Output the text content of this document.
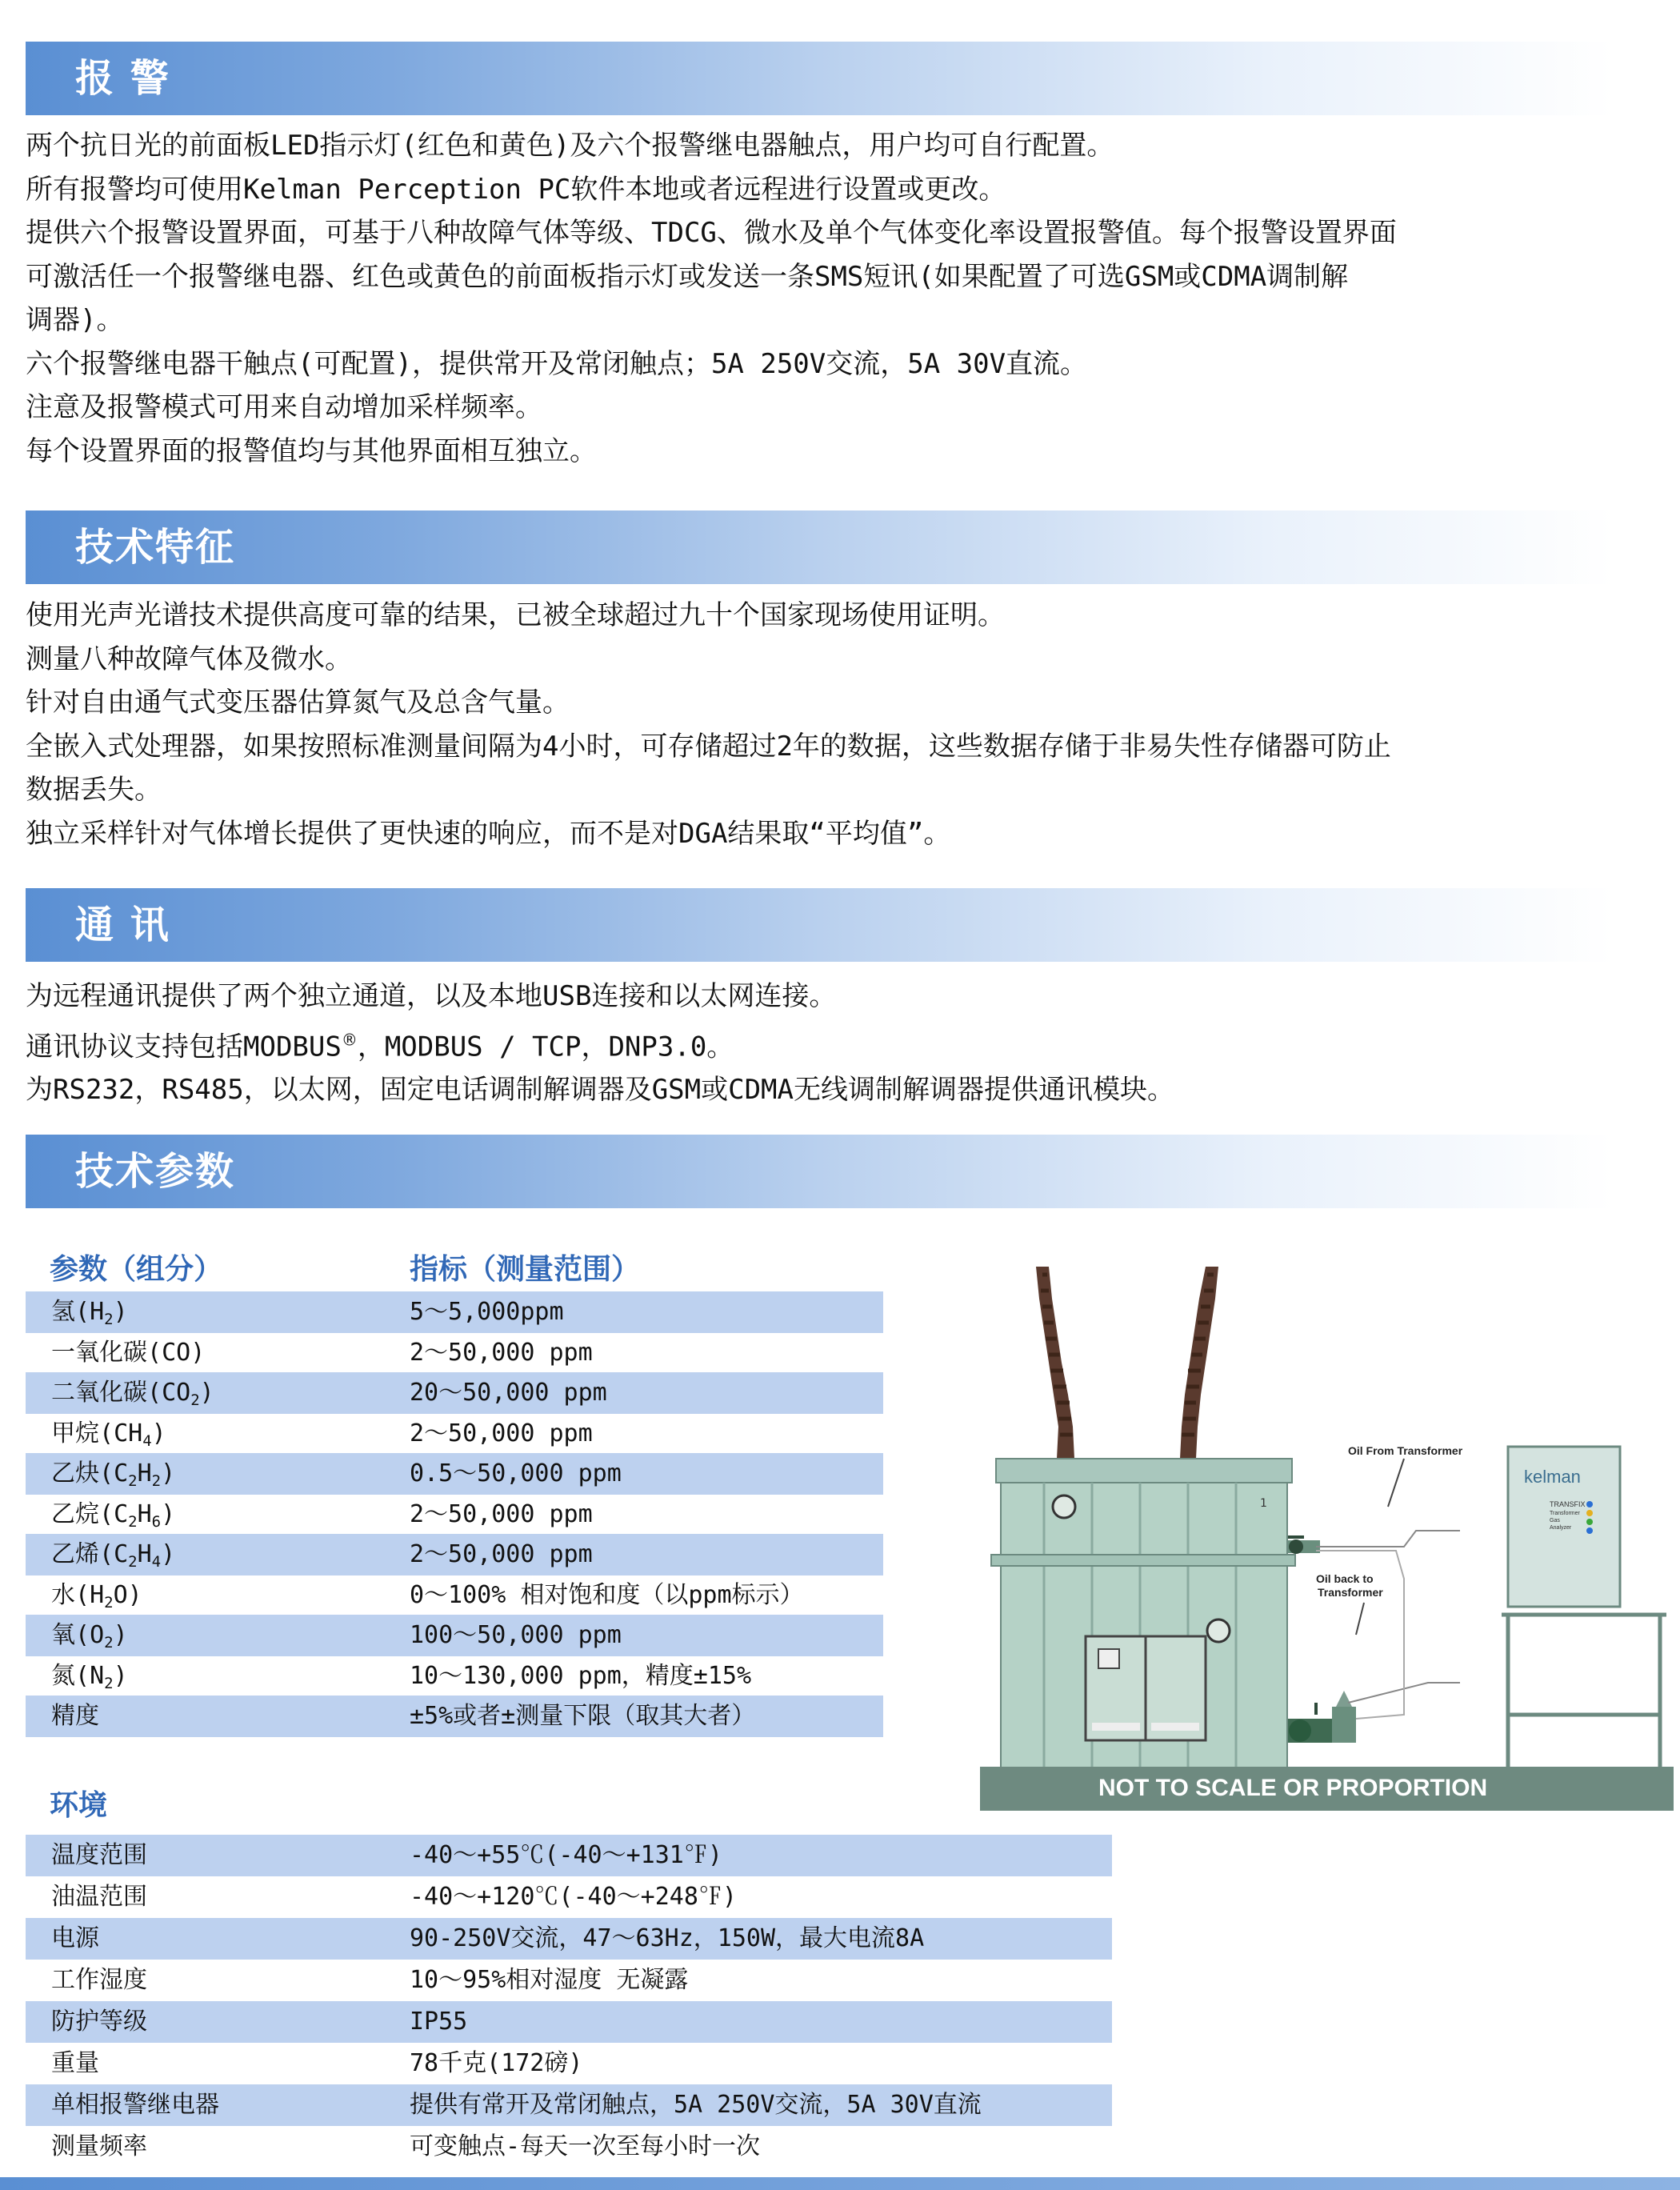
报 警

两个抗日光的前面板LED指示灯(红色和黄色)及六个报警继电器触点，用户均可自行配置。

所有报警均可使用Kelman Perception PC软件本地或者远程进行设置或更改。

提供六个报警设置界面，可基于八种故障气体等级、TDCG、微水及单个气体变化率设置报警值。每个报警设置界面

可激活任一个报警继电器、红色或黄色的前面板指示灯或发送一条SMS短讯(如果配置了可选GSM或CDMA调制解

调器)。

六个报警继电器干触点(可配置)，提供常开及常闭触点；5A 250V交流，5A 30V直流。

注意及报警模式可用来自动增加采样频率。

每个设置界面的报警值均与其他界面相互独立。

技术特征

使用光声光谱技术提供高度可靠的结果，已被全球超过九十个国家现场使用证明。

测量八种故障气体及微水。

针对自由通气式变压器估算氮气及总含气量。

全嵌入式处理器，如果按照标准测量间隔为4小时，可存储超过2年的数据，这些数据存储于非易失性存储器可防止

数据丢失。

独立采样针对气体增长提供了更快速的响应，而不是对DGA结果取“平均值”。

通 讯

为远程通讯提供了两个独立通道，以及本地USB连接和以太网连接。

通讯协议支持包括MODBUS®，MODBUS / TCP，DNP3.0。

为RS232，RS485，以太网，固定电话调制解调器及GSM或CDMA无线调制解调器提供通讯模块。

技术参数
参数（组分）	指标（测量范围）
氢$(H_2)$	5～5,000ppm
一氧化碳(CO)	2～50,000 ppm
二氧化碳$(CO_2)$	20～50,000 ppm
甲烷$(CH_4)$	2～50,000 ppm
乙炔$(C_2H_2)$	0.5～50,000 ppm
乙烷$(C_2H_6)$	2～50,000 ppm
乙烯$(C_2H_4)$	2～50,000 ppm
水$(H_2O)$	0～100% 相对饱和度（以ppm标示）
氧$(O_2)$	100～50,000 ppm
氮$(N_2)$	10～130,000 ppm，精度±15%
精度	±5%或者±测量下限（取其大者）
环境
温度范围	-40～+55℃(-40～+131℉)
油温范围	-40～+120℃(-40～+248℉)
电源	90-250V交流，47～63Hz，150W，最大电流8A
工作湿度	10～95%相对湿度 无凝露
防护等级	IP55
重量	78千克(172磅)
单相报警继电器	提供有常开及常闭触点，5A 250V交流，5A 30V直流
测量频率	可变触点-每天一次至每小时一次
1
Oil From Transformer
Oil back to
Transformer
kelman
TRANSFIX
Transformer
Gas
Analyzer
NOT TO SCALE OR PROPORTION
